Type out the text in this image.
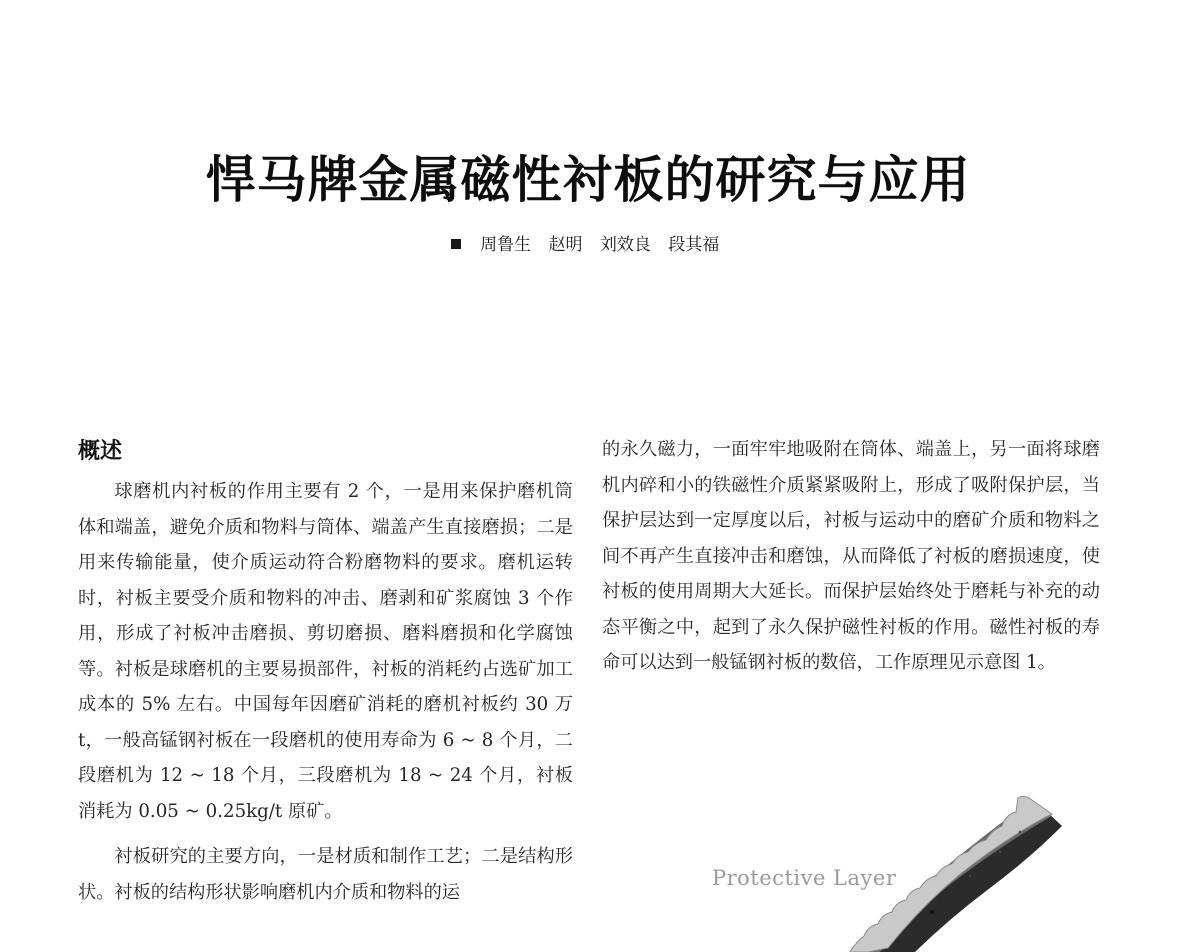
悍马牌金属磁性衬板的研究与应用
周鲁生 赵明 刘效良 段其福
概述

球磨机内衬板的作用主要有 2 个，一是用来保护磨机筒体和端盖，避免介质和物料与筒体、端盖产生直接磨损；二是用来传输能量，使介质运动符合粉磨物料的要求。磨机运转时，衬板主要受介质和物料的冲击、磨剥和矿浆腐蚀 3 个作用，形成了衬板冲击磨损、剪切磨损、磨料磨损和化学腐蚀等。衬板是球磨机的主要易损部件，衬板的消耗约占选矿加工成本的 5% 左右。中国每年因磨矿消耗的磨机衬板约 30 万 t，一般高锰钢衬板在一段磨机的使用寿命为 6 ~ 8 个月，二段磨机为 12 ~ 18 个月，三段磨机为 18 ~ 24 个月，衬板消耗为 0.05 ~ 0.25kg/t 原矿。

衬板研究的主要方向，一是材质和制作工艺；二是结构形状。衬板的结构形状影响磨机内介质和物料的运

的永久磁力，一面牢牢地吸附在筒体、端盖上，另一面将球磨机内碎和小的铁磁性介质紧紧吸附上，形成了吸附保护层，当保护层达到一定厚度以后，衬板与运动中的磨矿介质和物料之间不再产生直接冲击和磨蚀，从而降低了衬板的磨损速度，使衬板的使用周期大大延长。而保护层始终处于磨耗与补充的动态平衡之中，起到了永久保护磁性衬板的作用。磁性衬板的寿命可以达到一般锰钢衬板的数倍，工作原理见示意图 1。

Protective Layer
